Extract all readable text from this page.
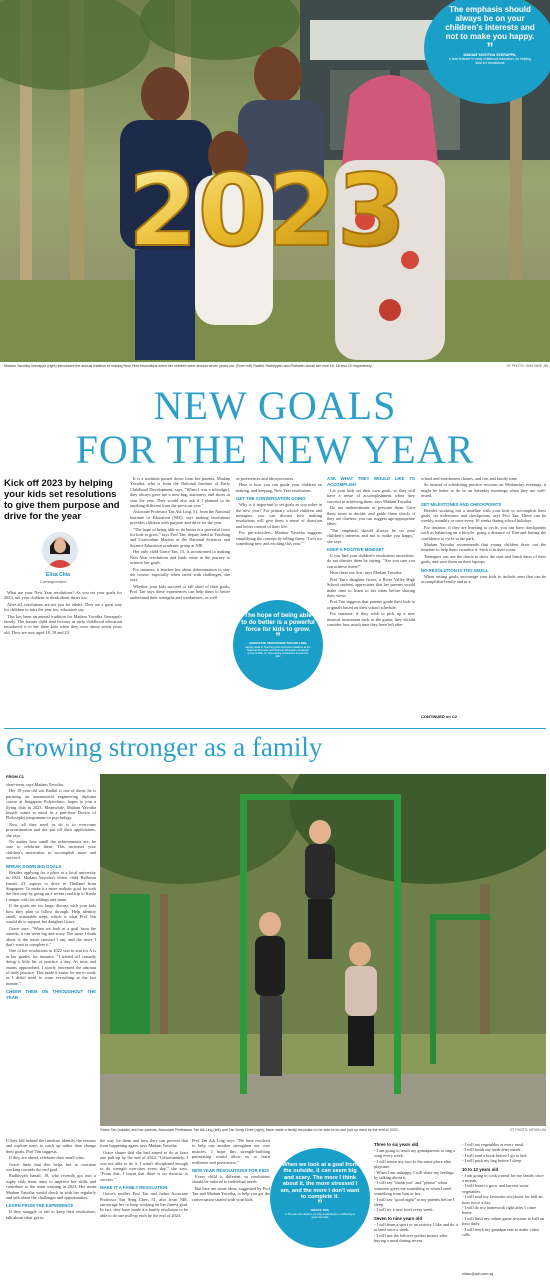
2023
The emphasis should always be on your children's interests and not to make you happy.
”
MADAM YAVOTHA VEERAPPA,
a lead lecturer in early childhood education, on helping kids set resolutions
Madam Yavotha Veerappa (right) introduced the annual tradition of making New Year resolutions when her children were around seven years old. (From left) Radhil, Radhiyyah and Ridhwan Ismail are now 18, 18 and 23 respectively.	ST PHOTO: ONG WEE JIN
NEW GOALS
FOR THE NEW YEAR
Kick off 2023 by helping your kids set resolutions to give them purpose and drive for the year
Elisa Chia
Correspondent

What are your New Year resolutions? As you set your goals for 2023, ask your children to think about theirs too.

After all, resolutions are not just for adults. They are a great way for children to start the year too, educators say.

This has been an annual tradition for Madam Yavotha Veerappa's family. The former child lead lecturer in early childhood education introduced it to her three kids when they were about seven years old. They are now aged 18, 18 and 23.

It is a tradition passed down from her parents, Madam Yavotha, who is from the National Institute of Early Childhood Development, says. "When I was a schoolgirl, they always gave me a new bag, stationery and shoes to start the year. They would also ask if I planned to do anything different from the previous year."

Associate Professor Tan Aik Ling, 51, from the National Institute of Education (NIE), says making resolutions provides children with purpose and drive for the year.

"The hope of being able to do better is a powerful force for kids to grow," says Prof Tan, deputy head in Teaching and Curriculum Matters at the National Sciences and Science Education academic group at NIE.

Her only child Grace Tan, 15, is accustomed to making New Year resolutions and finds value in the journey to achieve her goals.

For instance, it teaches her about determination to stay the course, especially when faced with challenges, she says.

Whether your kids succeed or fall short of their goals, Prof Tan says these experiences can help them to better understand their strengths and weaknesses, as well

as preferences and idiosyncrasies.

Here is how you can guide your children on making, and keeping, New Year resolutions.

GET THE CONVERSATION GOING

Why is it important to set goals as you usher in the new year? For primary school children and teenagers, you can discuss how making resolutions will give them a sense of direction and better control of their life.

For pre-schoolers, Madam Yavotha suggests simplifying the concept by telling them: "Let's try something new and exciting this year."

The hope of being able to do better is a powerful force for kids to grow.
”
ASSOCIATE PROFESSOR TAN AIK LING,
deputy head in Teaching and Curriculum Matters at the National Sciences and Science Education academic group at NIE, on how setting resolutions is good for kids
ASK WHAT THEY WOULD LIKE TO ACCOMPLISH

Let your kids set their own goals, so they will have a sense of accomplishment when they succeed in achieving them, says Madam Yavotha.

Do not underestimate or pressure them. Give them room to decide, and guide them slowly if they are clueless; you can suggest age-appropriate ideas.

"The emphasis should always be on your children's interests and not to make you happy," she says.

KEEP A POSITIVE MINDSET

If you find your children's resolutions unrealistic, do not dismiss them by saying: "Are you sure you can achieve them?"

Hear them out first, says Madam Yavotha.

Prof Tan's daughter Grace, a River Valley High School student, appreciates that her parents would make time to listen to her ideas before sharing their views.

Prof Tan suggests that parents guide their kids to originals based on their school schedule.

For instance, if they wish to pick up a new musical instrument such as the guitar, they should consider how much time they have left after

school and enrichment classes, and rest and family time.

So instead of scheduling practice sessions on Wednesday evenings, it might be better to do so on Saturday mornings when they are well-rested.

SET MILESTONES AND CHECKPOINTS

Besides working out a timeline with your kids to accomplish their goals, set milestones and checkpoints, says Prof Tan. These can be weekly, monthly or once every 10 weeks during school holidays.

For instance, if they are learning to cycle, you can have checkpoints such as balancing on a bicycle, going a distance of 10m and having the confidence to cycle in the park.

Madam Yavotha recommends that young children draw out the timeline to help them visualise it. Stick it in their room.

Teenagers can use the charts to show the start and finish dates of their goals, and save them on their laptops.

NO RESOLUTION IS TOO SMALL

When setting goals, encourage your kids to include ones that can be accomplished easily and in a

CONTINUED on C2
Growing stronger as a family
FROM C1

short-term, says Madam Yavotha.

Her 18-year-old son Radhil is one of them; he is pursuing an aeronautical engineering diploma course at Singapore Polytechnic, hopes to join a flying club in 2023. Meanwhile, Madam Yavotha herself wants to enrol in a part-time Doctor of Philosophy programme in psychology.

Now, all they need to do is to overcome procrastination and not put off their applications, she says.

No matter how small the achievements are, be sure to celebrate them. This increases your children's motivation to accomplish more and succeed.

BREAK DOWN BIG GOALS

Besides applying for a place at a local university in 2023, Madam Yavotha's eldest child Ridhwan Ismail, 23, aspires to drive to Thailand from Singapore. To make it a more realistic goal, he took the first step by going on a recent road trip to Kuala Lumpur with his siblings and mum.

If the goals are too large, discuss with your kids how they plan to follow through. Help identify small, actionable steps, which is what Prof Tan would do to support her daughter Grace.

Grace says: "When we look at a goal from the outside, it can seem big and scary. The more I think about it, the more stressed I am, and the more I don't want to complete it."

One of her resolutions in 2022 was to aim for A is in her grades, for instance. "I started off casually doing a little bit of practice a day. As tests and exams approached, I slowly increased the amount of daily practice. This made it easier for me to study as I didn't need to cram everything at the last minute."

CHEER THEM ON THROUGHOUT THE YEAR
Grace Tan (middle) and her parents, Associate Professors Tan Aik Ling (left) and Tan Seng Chee (right), have made a family resolution to be able to do one pull-up each by the end of 2023.	ST PHOTO: KEVIN LIM

If they fall behind the timeline, identify the reasons and explore ways to catch up rather than change their goals, Prof Tan suggests.

If they are ahead, celebrate their small wins.

Grace finds that this helps her to continue working towards the end goal.

Radhiyyah Ismail, 18, who recently got into a rugby club team, aims to improve her skills and contribute to the team winning in 2023. Her mum Madam Yavotha would check in with her regularly and talk about the challenges and opportunities.

LEARN FROM THE EXPERIENCE

If they struggle or fail to keep their resolutions, talk about what got in

the way for them and how they can prevent that from happening again, says Madam Yavotha.

Grace shares that she had aimed to do at least one pull-up by the end of 2022. "Unfortunately, I was not able to do it. I wasn't disciplined enough to do strength exercises every day," she says. "From that, I learnt that there is no shortcut to success."

MAKE IT A FAMILY RESOLUTION

Grace's mother Prof Tan and father Associate Professor Tan Seng Chee, 51, also from NIE, encourage her to keep working on her fitness goal. In fact, they have made it a family resolution to be able to do one pull-up each by the end of 2024.

Prof Tan Aik Ling says: "We have resolved to help one another strengthen our core muscles. I hope this strength-building partnership would allow us to learn resilience and persistence."

NEW YEAR RESOLUTIONS FOR KIDS

Every child is different, so resolutions should be tailored to individual needs.

But here are some ideas, suggested by Prof Tan and Madam Yavotha, to help you get the conversation started with your kids.

When we look at a goal from the outside, it can seem big and scary. The more I think about it, the more stressed I am, and the more I don't want to complete it.
”
GRACE TAN,
a 15-year-old student, on why small steps to achieving a goal can help
Three to six years old
- I am going to teach my grandparents to sing a song every week.
- I will return my toys to the same place after playtime.
- When I am unhappy, I will share my feelings by talking about it.
- I will say "thank you" and "please" when someone gives me something or when I need something from him or her.
- I will say "good night" to my parents before I sleep.
- I will try a new food every week.
Seven to nine years old
- I will learn a sport or an activity I like and do it at least once a week.
- I will use the leftover pocket money after buying a meal during recess
- I will eat vegetables at every meal.
- I will brush my teeth after meals.
- I will read a book before I go to bed.
- I will pack my bag before I sleep.
10 to 12 years old
- I am going to cook a meal for my family once a month.
- I will learn to grow and harvest some vegetables.
- I will read my favourite storybook for half an hour twice a day.
- I will do my homework right after I come home.
- I will limit my online game sessions to half an hour daily.
- I will teach my grandparents to make video calls.
elisac@sph.com.sg
